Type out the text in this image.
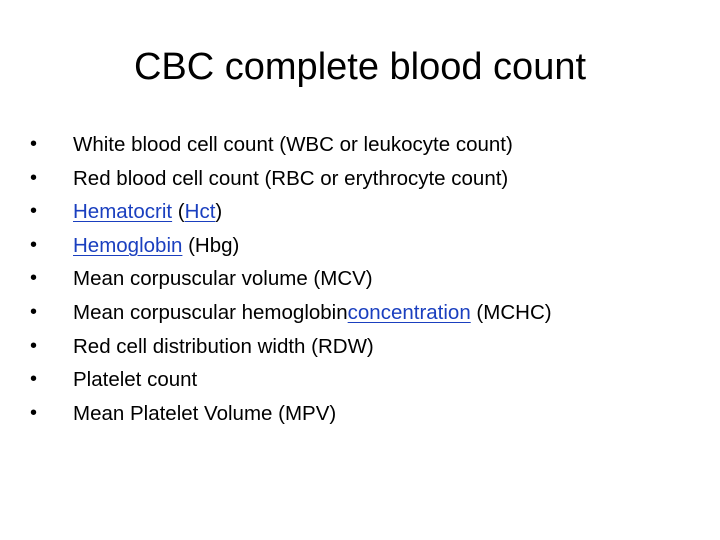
CBC complete blood count
• White blood cell count (WBC or leukocyte count)
• Red blood cell count (RBC or erythrocyte count)
• Hematocrit (Hct)
• Hemoglobin (Hbg)
• Mean corpuscular volume (MCV)
• Mean corpuscular hemoglobinconcentration (MCHC)
• Red cell distribution width (RDW)
• Platelet count
• Mean Platelet Volume (MPV)
